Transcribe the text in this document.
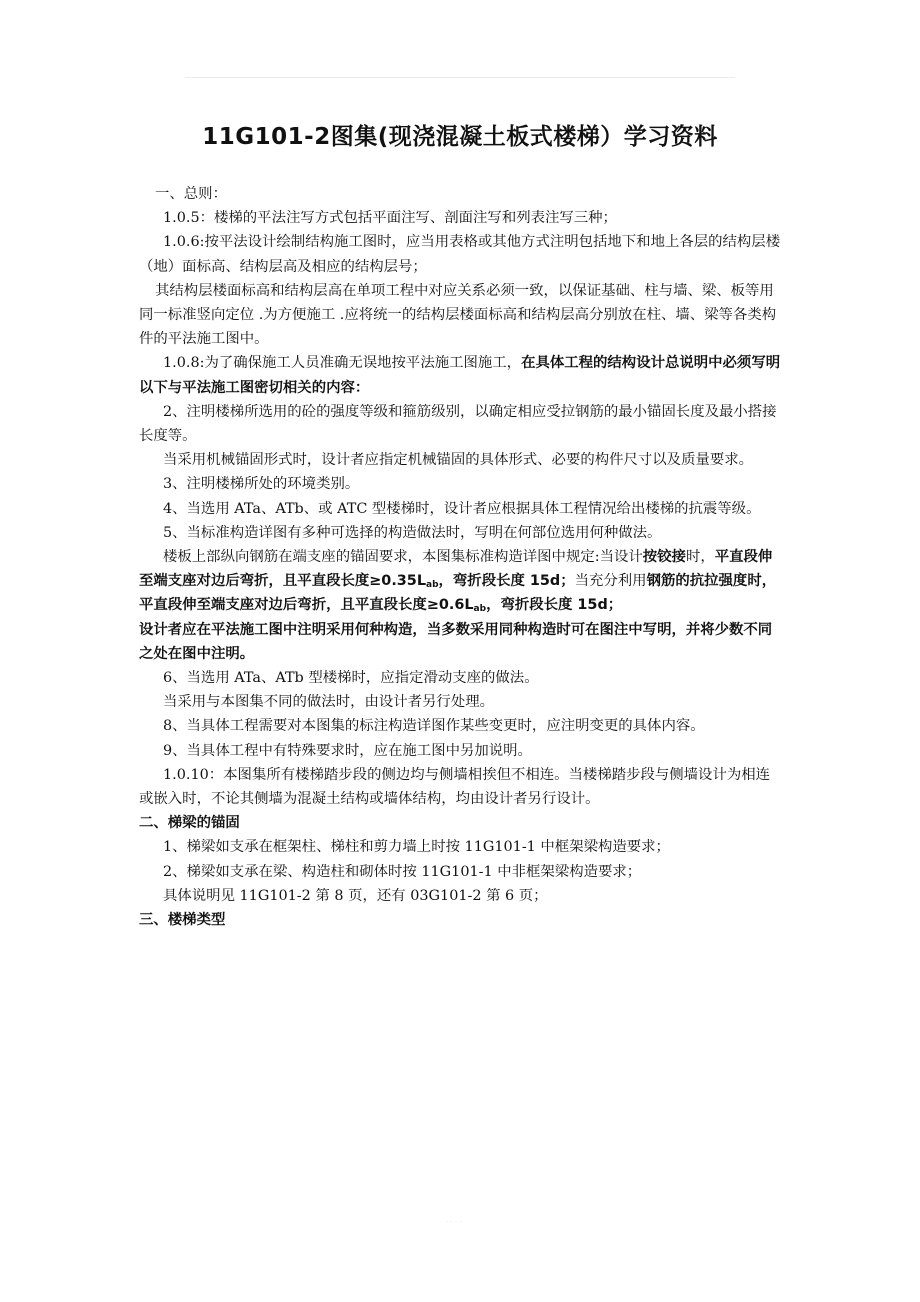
11G101-2图集(现浇混凝土板式楼梯）学习资料

一、总则：

1.0.5：楼梯的平法注写方式包括平面注写、剖面注写和列表注写三种；

1.0.6:按平法设计绘制结构施工图时，应当用表格或其他方式注明包括地下和地上各层的结构层楼（地）面标高、结构层高及相应的结构层号；

其结构层楼面标高和结构层高在单项工程中对应关系必须一致，以保证基础、柱与墙、梁、板等用同一标准竖向定位 .为方便施工 .应将统一的结构层楼面标高和结构层高分别放在柱、墙、梁等各类构件的平法施工图中。

1.0.8:为了确保施工人员准确无误地按平法施工图施工，在具体工程的结构设计总说明中必须写明以下与平法施工图密切相关的内容：

2、注明楼梯所选用的砼的强度等级和箍筋级别，以确定相应受拉钢筋的最小锚固长度及最小搭接长度等。

当采用机械锚固形式时，设计者应指定机械锚固的具体形式、必要的构件尺寸以及质量要求。

3、注明楼梯所处的环境类别。

4、当选用 ATa、ATb、或 ATC 型楼梯时，设计者应根据具体工程情况给出楼梯的抗震等级。

5、当标准构造详图有多种可选择的构造做法时，写明在何部位选用何种做法。

楼板上部纵向钢筋在端支座的锚固要求，本图集标准构造详图中规定:当设计按铰接时，平直段伸至端支座对边后弯折，且平直段长度$\ge 0.35L_{ab}$，弯折段长度 15d；当充分利用钢筋的抗拉强度时，平直段伸至端支座对边后弯折，且平直段长度$\ge 0.6L_{ab}$，弯折段长度 15d；

设计者应在平法施工图中注明采用何种构造，当多数采用同种构造时可在图注中写明，并将少数不同之处在图中注明。

6、当选用 ATa、ATb 型楼梯时，应指定滑动支座的做法。

当采用与本图集不同的做法时，由设计者另行处理。

8、当具体工程需要对本图集的标注构造详图作某些变更时，应注明变更的具体内容。

9、当具体工程中有特殊要求时，应在施工图中另加说明。

1.0.10：本图集所有楼梯踏步段的侧边均与侧墙相挨但不相连。当楼梯踏步段与侧墙设计为相连或嵌入时，不论其侧墙为混凝土结构或墙体结构，均由设计者另行设计。

二、梯梁的锚固

1、梯梁如支承在框架柱、梯柱和剪力墙上时按 11G101-1 中框架梁构造要求；

2、梯梁如支承在梁、构造柱和砌体时按 11G101-1 中非框架梁构造要求；

具体说明见 11G101-2 第 8 页，还有 03G101-2 第 6 页；

三、楼梯类型

· · · ·
